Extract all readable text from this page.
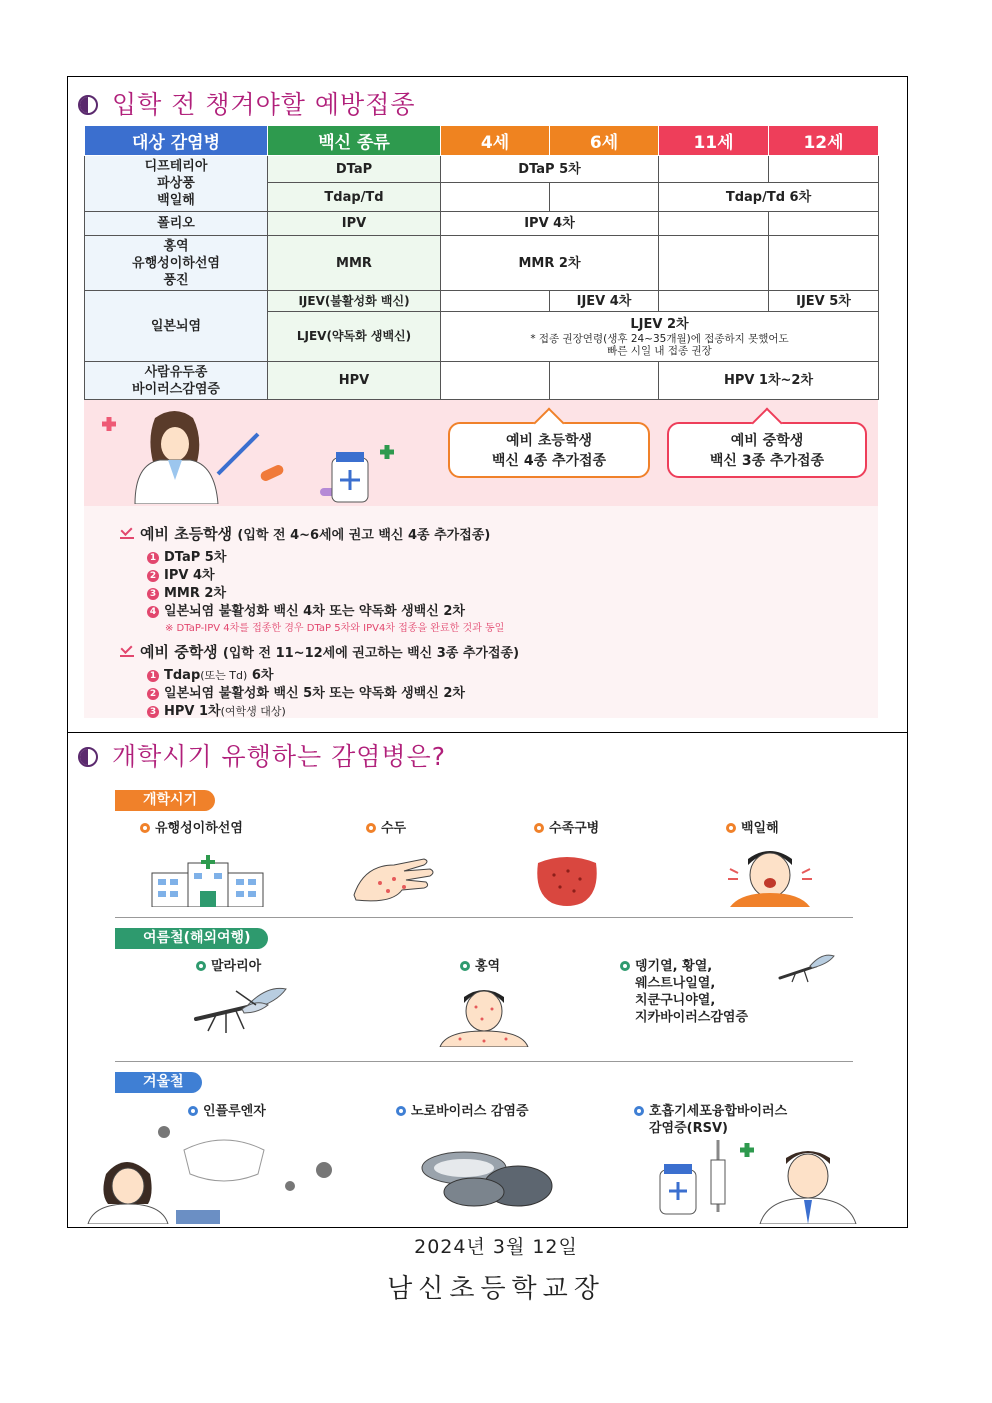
입학 전 챙겨야할 예방접종
대상 감염병	백신 종류	4세	6세	11세	12세
디프테리아
파상풍
백일해	DTaP	DTaP 5차			
	Tdap/Td			Tdap/Td 6차	
폴리오	IPV	IPV 4차			
홍역
유행성이하선염
풍진	MMR	MMR 2차			
일본뇌염	IJEV(불활성화 백신)		IJEV 4차		IJEV 5차
	LJEV(약독화 생백신)	LJEV 2차
* 접종 권장연령(생후 24~35개월)에 접종하지 못했어도
빠른 시일 내 접종 권장			

사람유두종
바이러스감염증	HPV			HPV 1차~2차	
예비 초등학생
백신 4종 추가접종
예비 중학생
백신 3종 추가접종
예비 초등학생 (입학 전 4~6세에 권고 백신 4종 추가접종)
1 DTaP 5차
2 IPV 4차
3 MMR 2차
4 일본뇌염 불활성화 백신 4차 또는 약독화 생백신 2차
※ DTaP-IPV 4차를 접종한 경우 DTaP 5차와 IPV4차 접종을 완료한 것과 동일
예비 중학생 (입학 전 11~12세에 권고하는 백신 3종 추가접종)
1 Tdap(또는 Td) 6차
2 일본뇌염 불활성화 백신 5차 또는 약독화 생백신 2차
3 HPV 1차(여학생 대상)
개학시기 유행하는 감염병은?
개학시기
유행성이하선염	수두	수족구병	백일해
여름철(해외여행)
말라리아	홍역	뎅기열, 황열,
웨스트나일열,
치쿤구니야열,
지카바이러스감염증
겨울철
인플루엔자	노로바이러스 감염증	호흡기세포융합바이러스
감염증(RSV)
2024년 3월 12일
남신초등학교장
